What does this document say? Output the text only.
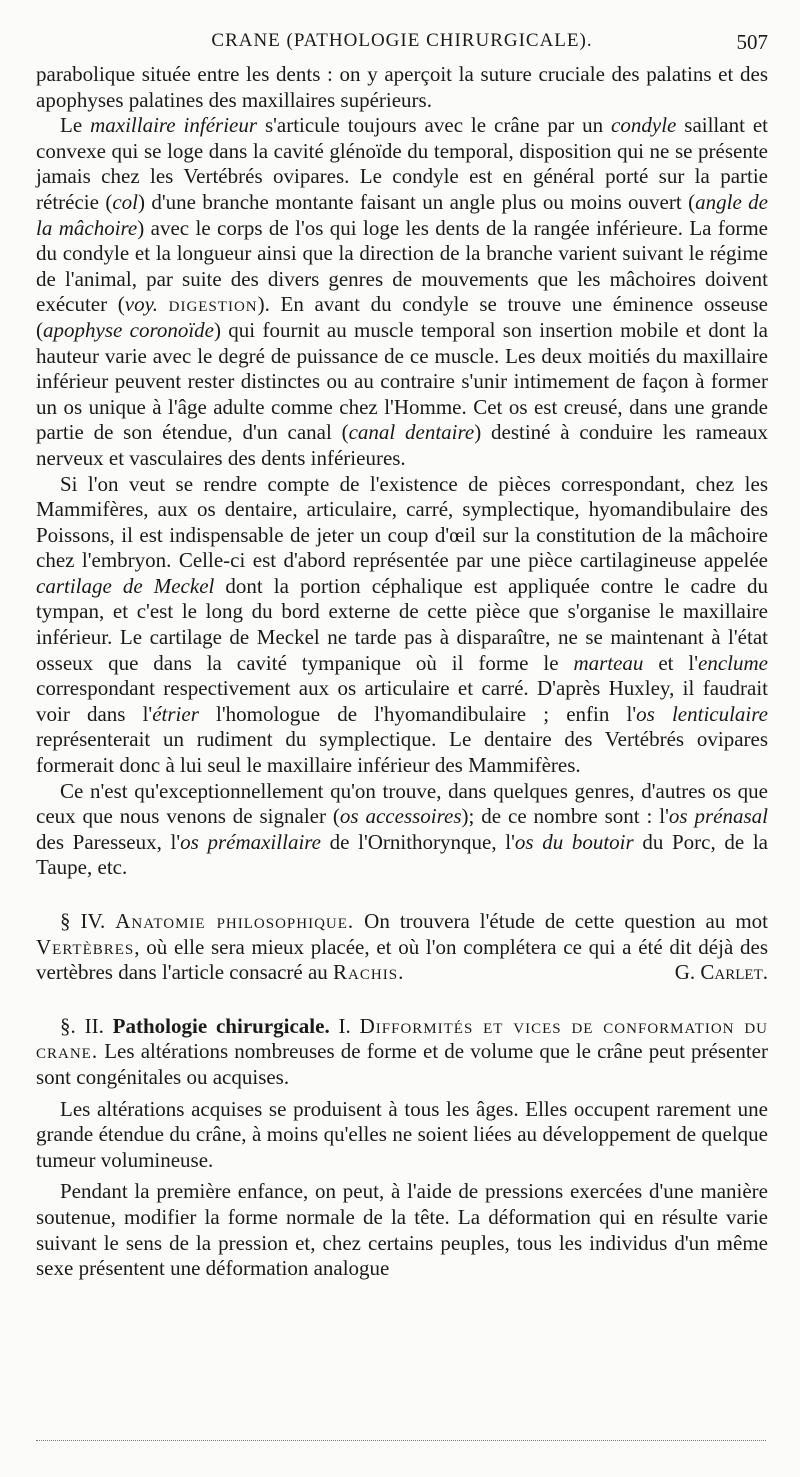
CRANE (PATHOLOGIE CHIRURGICALE).	507

parabolique située entre les dents : on y aperçoit la suture cruciale des palatins et des apophyses palatines des maxillaires supérieurs.

Le maxillaire inférieur s'articule toujours avec le crâne par un condyle saillant et convexe qui se loge dans la cavité glénoïde du temporal, disposition qui ne se présente jamais chez les Vertébrés ovipares. Le condyle est en général porté sur la partie rétrécie (col) d'une branche montante faisant un angle plus ou moins ouvert (angle de la mâchoire) avec le corps de l'os qui loge les dents de la rangée inférieure. La forme du condyle et la longueur ainsi que la direction de la branche varient suivant le régime de l'animal, par suite des divers genres de mouvements que les mâchoires doivent exécuter (voy. digestion). En avant du condyle se trouve une éminence osseuse (apophyse coronoïde) qui fournit au muscle temporal son insertion mobile et dont la hauteur varie avec le degré de puissance de ce muscle. Les deux moitiés du maxillaire inférieur peuvent rester distinctes ou au contraire s'unir intimement de façon à former un os unique à l'âge adulte comme chez l'Homme. Cet os est creusé, dans une grande partie de son étendue, d'un canal (canal dentaire) destiné à conduire les rameaux nerveux et vasculaires des dents inférieures.

Si l'on veut se rendre compte de l'existence de pièces correspondant, chez les Mammifères, aux os dentaire, articulaire, carré, symplectique, hyomandibulaire des Poissons, il est indispensable de jeter un coup d'œil sur la constitution de la mâchoire chez l'embryon. Celle-ci est d'abord représentée par une pièce cartilagineuse appelée cartilage de Meckel dont la portion céphalique est appliquée contre le cadre du tympan, et c'est le long du bord externe de cette pièce que s'organise le maxillaire inférieur. Le cartilage de Meckel ne tarde pas à disparaître, ne se maintenant à l'état osseux que dans la cavité tympanique où il forme le marteau et l'enclume correspondant respectivement aux os articulaire et carré. D'après Huxley, il faudrait voir dans l'étrier l'homologue de l'hyomandibulaire ; enfin l'os lenticulaire représenterait un rudiment du symplectique. Le dentaire des Vertébrés ovipares formerait donc à lui seul le maxillaire inférieur des Mammifères.

Ce n'est qu'exceptionnellement qu'on trouve, dans quelques genres, d'autres os que ceux que nous venons de signaler (os accessoires); de ce nombre sont : l'os prénasal des Paresseux, l'os prémaxillaire de l'Ornithorynque, l'os du boutoir du Porc, de la Taupe, etc.

§ IV. Anatomie philosophique. On trouvera l'étude de cette question au mot Vertèbres, où elle sera mieux placée, et où l'on complétera ce qui a été dit déjà des vertèbres dans l'article consacré au Rachis.	G. Carlet.

§. II. Pathologie chirurgicale. I. Difformités et vices de conformation du crane. Les altérations nombreuses de forme et de volume que le crâne peut présenter sont congénitales ou acquises.

Les altérations acquises se produisent à tous les âges. Elles occupent rarement une grande étendue du crâne, à moins qu'elles ne soient liées au développement de quelque tumeur volumineuse.

Pendant la première enfance, on peut, à l'aide de pressions exercées d'une manière soutenue, modifier la forme normale de la tête. La déformation qui en résulte varie suivant le sens de la pression et, chez certains peuples, tous les individus d'un même sexe présentent une déformation analogue
